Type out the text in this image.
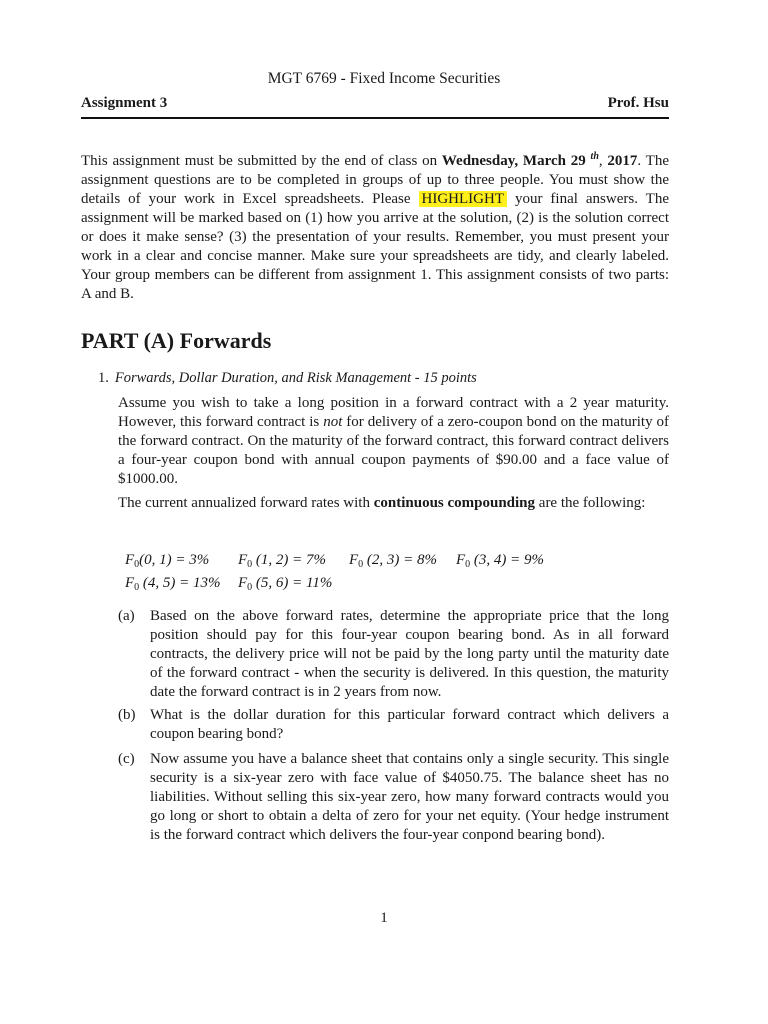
MGT 6769 - Fixed Income Securities
Assignment 3	Prof. Hsu
This assignment must be submitted by the end of class on Wednesday, March 29 $^{th}$, 2017. The assignment questions are to be completed in groups of up to three people. You must show the details of your work in Excel spreadsheets. Please HIGHLIGHT your final answers. The assignment will be marked based on (1) how you arrive at the solution, (2) is the solution correct or does it make sense? (3) the presentation of your results. Remember, you must present your work in a clear and concise manner. Make sure your spreadsheets are tidy, and clearly labeled. Your group members can be different from assignment 1. This assignment consists of two parts: A and B.
PART (A) Forwards
1. Forwards, Dollar Duration, and Risk Management - 15 points
Assume you wish to take a long position in a forward contract with a 2 year maturity. However, this forward contract is not for delivery of a zero-coupon bond on the maturity of the forward contract. On the maturity of the forward contract, this forward contract delivers a four-year coupon bond with annual coupon payments of $90.00 and a face value of $1000.00.
The current annualized forward rates with continuous compounding are the following:
$F_0(0$, 1) = 3%	$F_0$ (1, 2) = 7%	$F_0$ (2, 3) = 8%	$F_0$ (3, 4) = 9%
$F_0$ (4, 5) = 13%	$F_0$ (5, 6) = 11%
(a)	Based on the above forward rates, determine the appropriate price that the long position should pay for this four-year coupon bearing bond. As in all forward contracts, the delivery price will not be paid by the long party until the maturity date of the forward contract - when the security is delivered. In this question, the maturity date the forward contract is in 2 years from now.
(b) What is the dollar duration for this particular forward contract which delivers a coupon bearing bond?
(c)	Now assume you have a balance sheet that contains only a single security. This single security is a six-year zero with face value of $4050.75. The balance sheet has no liabilities. Without selling this six-year zero, how many forward contracts would you go long or short to obtain a delta of zero for your net equity. (Your hedge instrument is the forward contract which delivers the four-year conpond bearing bond).
1
